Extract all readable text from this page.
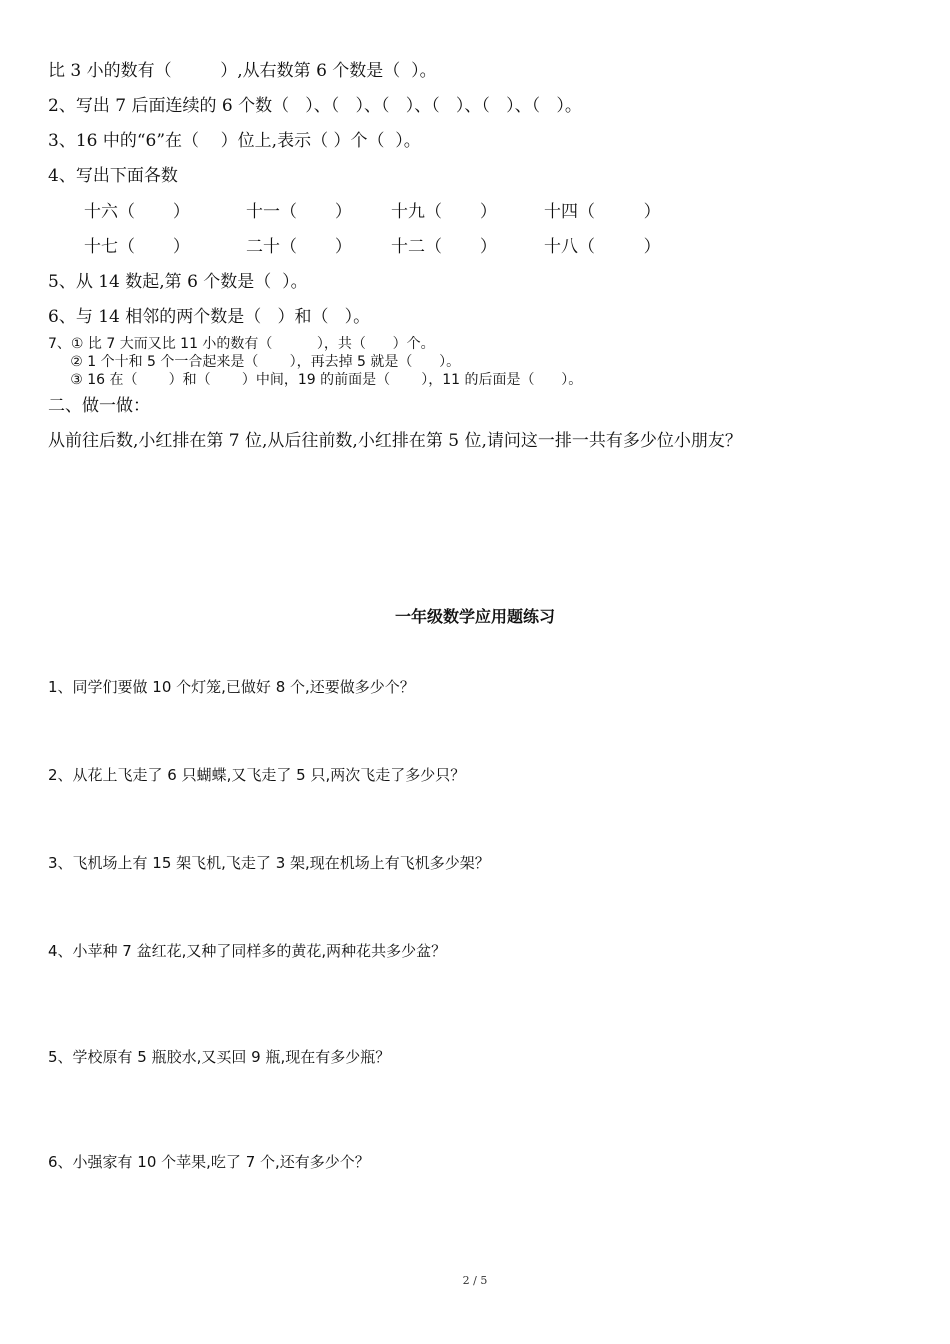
比 3 小的数有（         ）,从右数第 6 个数是（  ）。
2、写出 7 后面连续的 6 个数（   ）、（   ）、（   ）、（   ）、（   ）、（   ）。
3、16 中的“6”在（    ）位上,表示（ ）个（  ）。
4、写出下面各数
十六（       ）	十一（       ） 十九（       ）	十四（         ）
十七（       ）	二十（       ） 十二（       ）	十八（         ）
5、从 14 数起,第 6 个数是（  ）。
6、与 14 相邻的两个数是（   ）和（   ）。
7、① 比 7 大而又比 11 小的数有（          ），共（      ）个。
② 1 个十和 5 个一合起来是（       ），再去掉 5 就是（      ）。
③ 16 在（       ）和（       ）中间，19 的前面是（       ），11 的后面是（      ）。
二、做一做：
从前往后数,小红排在第 7 位,从后往前数,小红排在第 5 位,请问这一排一共有多少位小朋友？
一年级数学应用题练习
1、同学们要做 10 个灯笼,已做好 8 个,还要做多少个？
2、从花上飞走了 6 只蝴蝶,又飞走了 5 只,两次飞走了多少只？
3、飞机场上有 15 架飞机,飞走了 3 架,现在机场上有飞机多少架？
4、小苹种 7 盆红花,又种了同样多的黄花,两种花共多少盆？
5、学校原有 5 瓶胶水,又买回 9 瓶,现在有多少瓶？
6、小强家有 10 个苹果,吃了 7 个,还有多少个？
2 / 5
